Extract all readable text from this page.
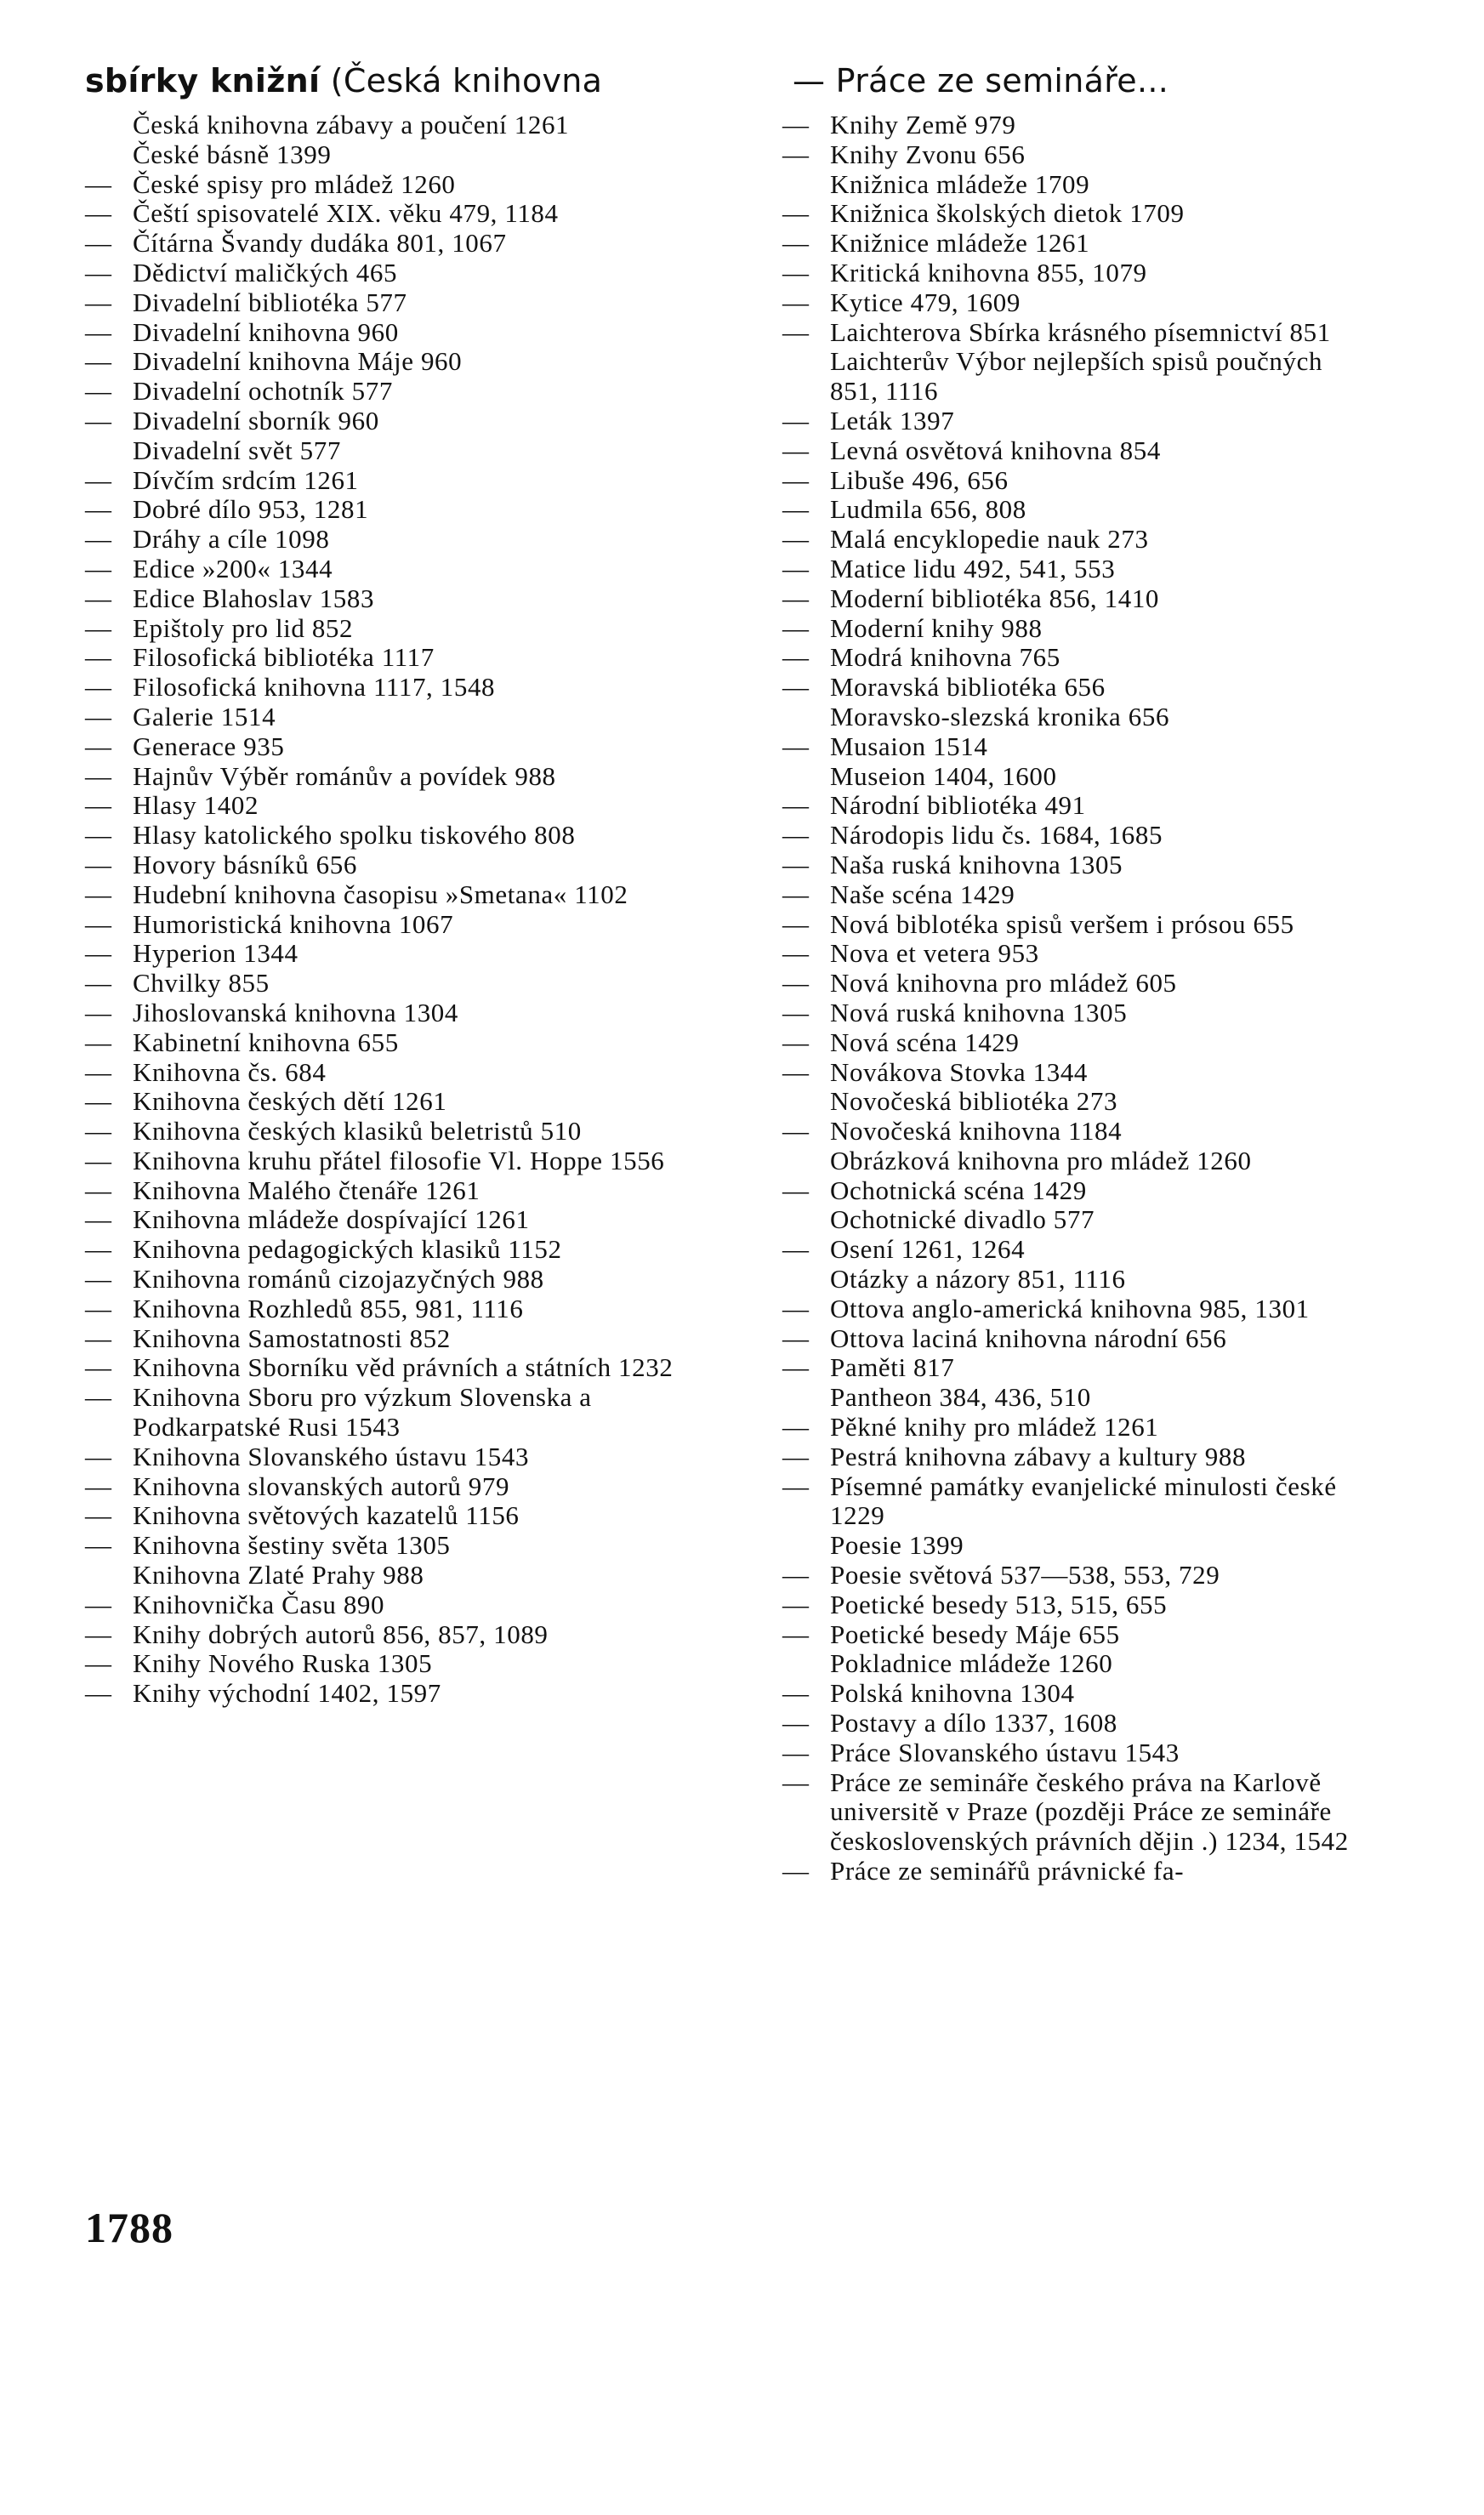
sbírky knižní (Česká knihovna
Česká knihovna zábavy a poučení 1261
České básně 1399
— České spisy pro mládež 1260
— Čeští spisovatelé XIX. věku 479, 1184
— Čítárna Švandy dudáka 801, 1067
— Dědictví maličkých 465
— Divadelní bibliotéka 577
— Divadelní knihovna 960
— Divadelní knihovna Máje 960
— Divadelní ochotník 577
— Divadelní sborník 960
Divadelní svět 577
— Dívčím srdcím 1261
— Dobré dílo 953, 1281
— Dráhy a cíle 1098
— Edice »200« 1344
— Edice Blahoslav 1583
— Epištoly pro lid 852
— Filosofická bibliotéka 1117
— Filosofická knihovna 1117, 1548
— Galerie 1514
— Generace 935
— Hajnův Výběr románův a povídek 988
— Hlasy 1402
— Hlasy katolického spolku tiskového 808
— Hovory básníků 656
— Hudební knihovna časopisu »Smetana« 1102
— Humoristická knihovna 1067
— Hyperion 1344
— Chvilky 855
— Jihoslovanská knihovna 1304
— Kabinetní knihovna 655
— Knihovna čs. 684
— Knihovna českých dětí 1261
— Knihovna českých klasiků beletristů 510
— Knihovna kruhu přátel filosofie Vl. Hoppe 1556
— Knihovna Malého čtenáře 1261
— Knihovna mládeže dospívající 1261
— Knihovna pedagogických klasiků 1152
— Knihovna románů cizojazyčných 988
— Knihovna Rozhledů 855, 981, 1116
— Knihovna Samostatnosti 852
— Knihovna Sborníku věd právních a státních 1232
— Knihovna Sboru pro výzkum Slovenska a Podkarpatské Rusi 1543
— Knihovna Slovanského ústavu 1543
— Knihovna slovanských autorů 979
— Knihovna světových kazatelů 1156
— Knihovna šestiny světa 1305
Knihovna Zlaté Prahy 988
— Knihovnička Času 890
— Knihy dobrých autorů 856, 857, 1089
— Knihy Nového Ruska 1305
— Knihy východní 1402, 1597
— Práce ze semináře...
— Knihy Země 979
— Knihy Zvonu 656
Knižnica mládeže 1709
— Knižnica školských dietok 1709
— Knižnice mládeže 1261
— Kritická knihovna 855, 1079
— Kytice 479, 1609
— Laichterova Sbírka krásného písemnictví 851
Laichterův Výbor nejlepších spisů poučných 851, 1116
— Leták 1397
— Levná osvětová knihovna 854
— Libuše 496, 656
— Ludmila 656, 808
— Malá encyklopedie nauk 273
— Matice lidu 492, 541, 553
— Moderní bibliotéka 856, 1410
— Moderní knihy 988
— Modrá knihovna 765
— Moravská bibliotéka 656
Moravsko-slezská kronika 656
— Musaion 1514
Museion 1404, 1600
— Národní bibliotéka 491
— Národopis lidu čs. 1684, 1685
— Naša ruská knihovna 1305
— Naše scéna 1429
— Nová biblotéka spisů veršem i prósou 655
— Nova et vetera 953
— Nová knihovna pro mládež 605
— Nová ruská knihovna 1305
— Nová scéna 1429
— Novákova Stovka 1344
Novočeská bibliotéka 273
— Novočeská knihovna 1184
Obrázková knihovna pro mládež 1260
— Ochotnická scéna 1429
Ochotnické divadlo 577
— Osení 1261, 1264
Otázky a názory 851, 1116
— Ottova anglo-americká knihovna 985, 1301
— Ottova laciná knihovna národní 656
— Paměti 817
Pantheon 384, 436, 510
— Pěkné knihy pro mládež 1261
— Pestrá knihovna zábavy a kultury 988
— Písemné památky evanjelické minulosti české 1229
Poesie 1399
— Poesie světová 537—538, 553, 729
— Poetické besedy 513, 515, 655
— Poetické besedy Máje 655
Pokladnice mládeže 1260
— Polská knihovna 1304
— Postavy a dílo 1337, 1608
— Práce Slovanského ústavu 1543
— Práce ze semináře českého práva na Karlově universitě v Praze (později Práce ze semináře československých právních dějin .) 1234, 1542
— Práce ze seminářů právnické fa-
1788
